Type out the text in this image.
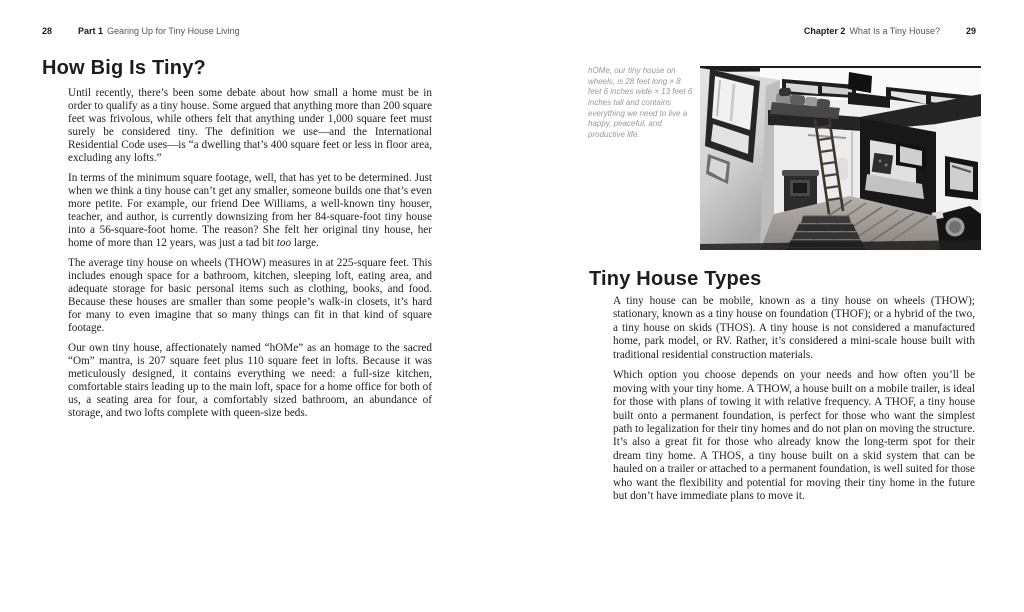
28	Part 1 Gearing Up for Tiny House Living
How Big Is Tiny?

Until recently, there’s been some debate about how small a home must be in order to qualify as a tiny house. Some argued that anything more than 200 square feet was frivolous, while others felt that anything under 1,000 square feet must surely be considered tiny. The definition we use—and the International Residential Code uses—is “a dwelling that’s 400 square feet or less in floor area, excluding any lofts.”

In terms of the minimum square footage, well, that has yet to be determined. Just when we think a tiny house can’t get any smaller, someone builds one that’s even more petite. For example, our friend Dee Williams, a well-known tiny houser, teacher, and author, is currently downsizing from her 84-square-foot tiny house into a 56-square-foot home. The reason? She felt her original tiny house, her home of more than 12 years, was just a tad bit too large.

The average tiny house on wheels (THOW) measures in at 225-square feet. This includes enough space for a bathroom, kitchen, sleeping loft, eating area, and adequate storage for basic personal items such as clothing, books, and food. Because these houses are smaller than some people’s walk-in closets, it’s hard for many to even imagine that so many things can fit in that kind of square footage.

Our own tiny house, affectionately named “hOMe” as an homage to the sacred “Om” mantra, is 207 square feet plus 110 square feet in lofts. Because it was meticulously designed, it contains everything we need: a full-size kitchen, comfortable stairs leading up to the main loft, space for a home office for both of us, a seating area for four, a comfortably sized bathroom, an abundance of storage, and two lofts complete with queen-size beds.

Chapter 2 What Is a Tiny House?	29
hOMe, our tiny house on wheels, is 28 feet long × 8 feet 6 inches wide × 13 feet 6 inches tall and contains everything we need to live a happy, peaceful, and productive life.
Tiny House Types

A tiny house can be mobile, known as a tiny house on wheels (THOW); stationary, known as a tiny house on foundation (THOF); or a hybrid of the two, a tiny house on skids (THOS). A tiny house is not considered a manufactured home, park model, or RV. Rather, it’s considered a mini-scale house built with traditional residential construction materials.

Which option you choose depends on your needs and how often you’ll be moving with your tiny home. A THOW, a house built on a mobile trailer, is ideal for those with plans of towing it with relative frequency. A THOF, a tiny house built onto a permanent foundation, is perfect for those who want the simplest path to legalization for their tiny homes and do not plan on moving the structure. It’s also a great fit for those who already know the long-term spot for their dream tiny home. A THOS, a tiny house built on a skid system that can be hauled on a trailer or attached to a permanent foundation, is well suited for those who want the flexibility and potential for moving their tiny home in the future but don’t have immediate plans to move it.
